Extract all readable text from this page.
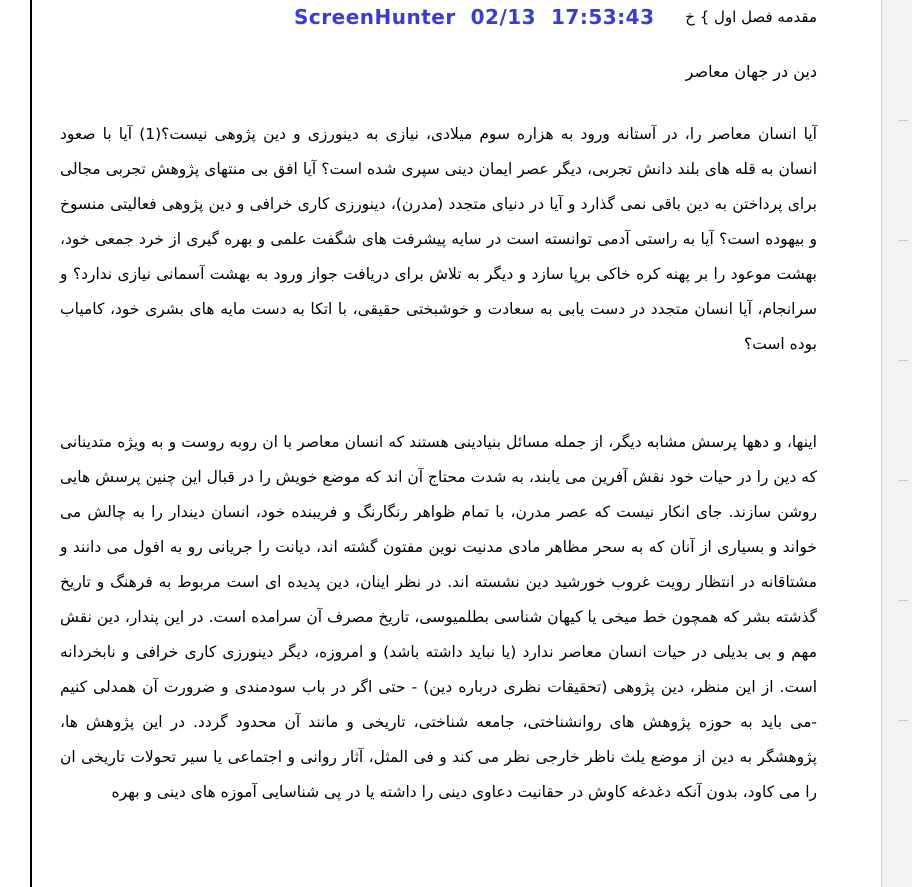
مقدمه فصل اول } خ
دین در جهان معاصر

آیا انسان معاصر را، در آستانه ورود به هزاره سوم میلادی، نیازی به دینورزی و دین پژوهی نیست؟(1) آیا با صعود انسان به قله های بلند دانش تجربی، دیگر عصر ایمان دینی سپری شده است؟ آیا افق بی منتهای پژوهش تجربی مجالی برای پرداختن به دین باقی نمی گذارد و آیا در دنیای متجدد (مدرن)، دینورزی کاری خرافی و دین پژوهی فعالیتی منسوخ و بیهوده است؟ آیا به راستی آدمی توانسته است در سایه پیشرفت های شگفت علمی و بهره گیری از خرد جمعی خود، بهشت موعود را بر پهنه کره خاکی برپا سازد و دیگر به تلاش برای دریافت جواز ورود به بهشت آسمانی نیازی ندارد؟ و سرانجام، آیا انسان متجدد در دست یابی به سعادت و خوشبختی حقیقی، با اتکا به دست مایه های بشری خود، کامیاب بوده است؟

اینها، و دهها پرسش مشابه دیگر، از جمله مسائل بنیادینی هستند که انسان معاصر با ان روبه روست و به ویژه متدینانی که دین را در حیات خود نقش آفرین می یابند، به شدت محتاج آن اند که موضع خویش را در قبال این چنین پرسش هایی روشن سازند. جای انکار نیست که عصر مدرن، با تمام ظواهر رنگارنگ و فریبنده خود، انسان دیندار را به چالش می خواند و بسیاری از آنان که به سحر مظاهر مادی مدنیت نوین مفتون گشته اند، دیانت را جریانی رو به افول می دانند و مشتاقانه در انتظار رویت غروب خورشید دین نشسته اند. در نظر اینان، دین پدیده ای است مربوط به فرهنگ و تاریخ گذشته بشر که همچون خط میخی یا کیهان شناسی بطلمیوسی، تاریخ مصرف آن سرامده است. در این پندار، دین نقش مهم و بی بدیلی در حیات انسان معاصر ندارد (یا نباید داشته باشد) و امروزه، دیگر دینورزی کاری خرافی و نابخردانه است. از این منظر، دین پژوهی (تحقیقات نظری درباره دین) - حتی اگر در باب سودمندی و ضرورت آن همدلی کنیم -می باید به حوزه پژوهش های روانشناختی، جامعه شناختی، تاریخی و مانند آن محدود گردد. در این پژوهش ها، پژوهشگر به دین از موضع یلث ناظر خارجی نظر می کند و فی المثل، آثار روانی و اجتماعی یا سیر تحولات تاریخی ان را می کاود، بدون آنکه دغدغه کاوش در حقانیت دعاوی دینی را داشته یا در پی شناسایی آموزه های دینی و بهره

ScreenHunter  02/13  17:53:43
